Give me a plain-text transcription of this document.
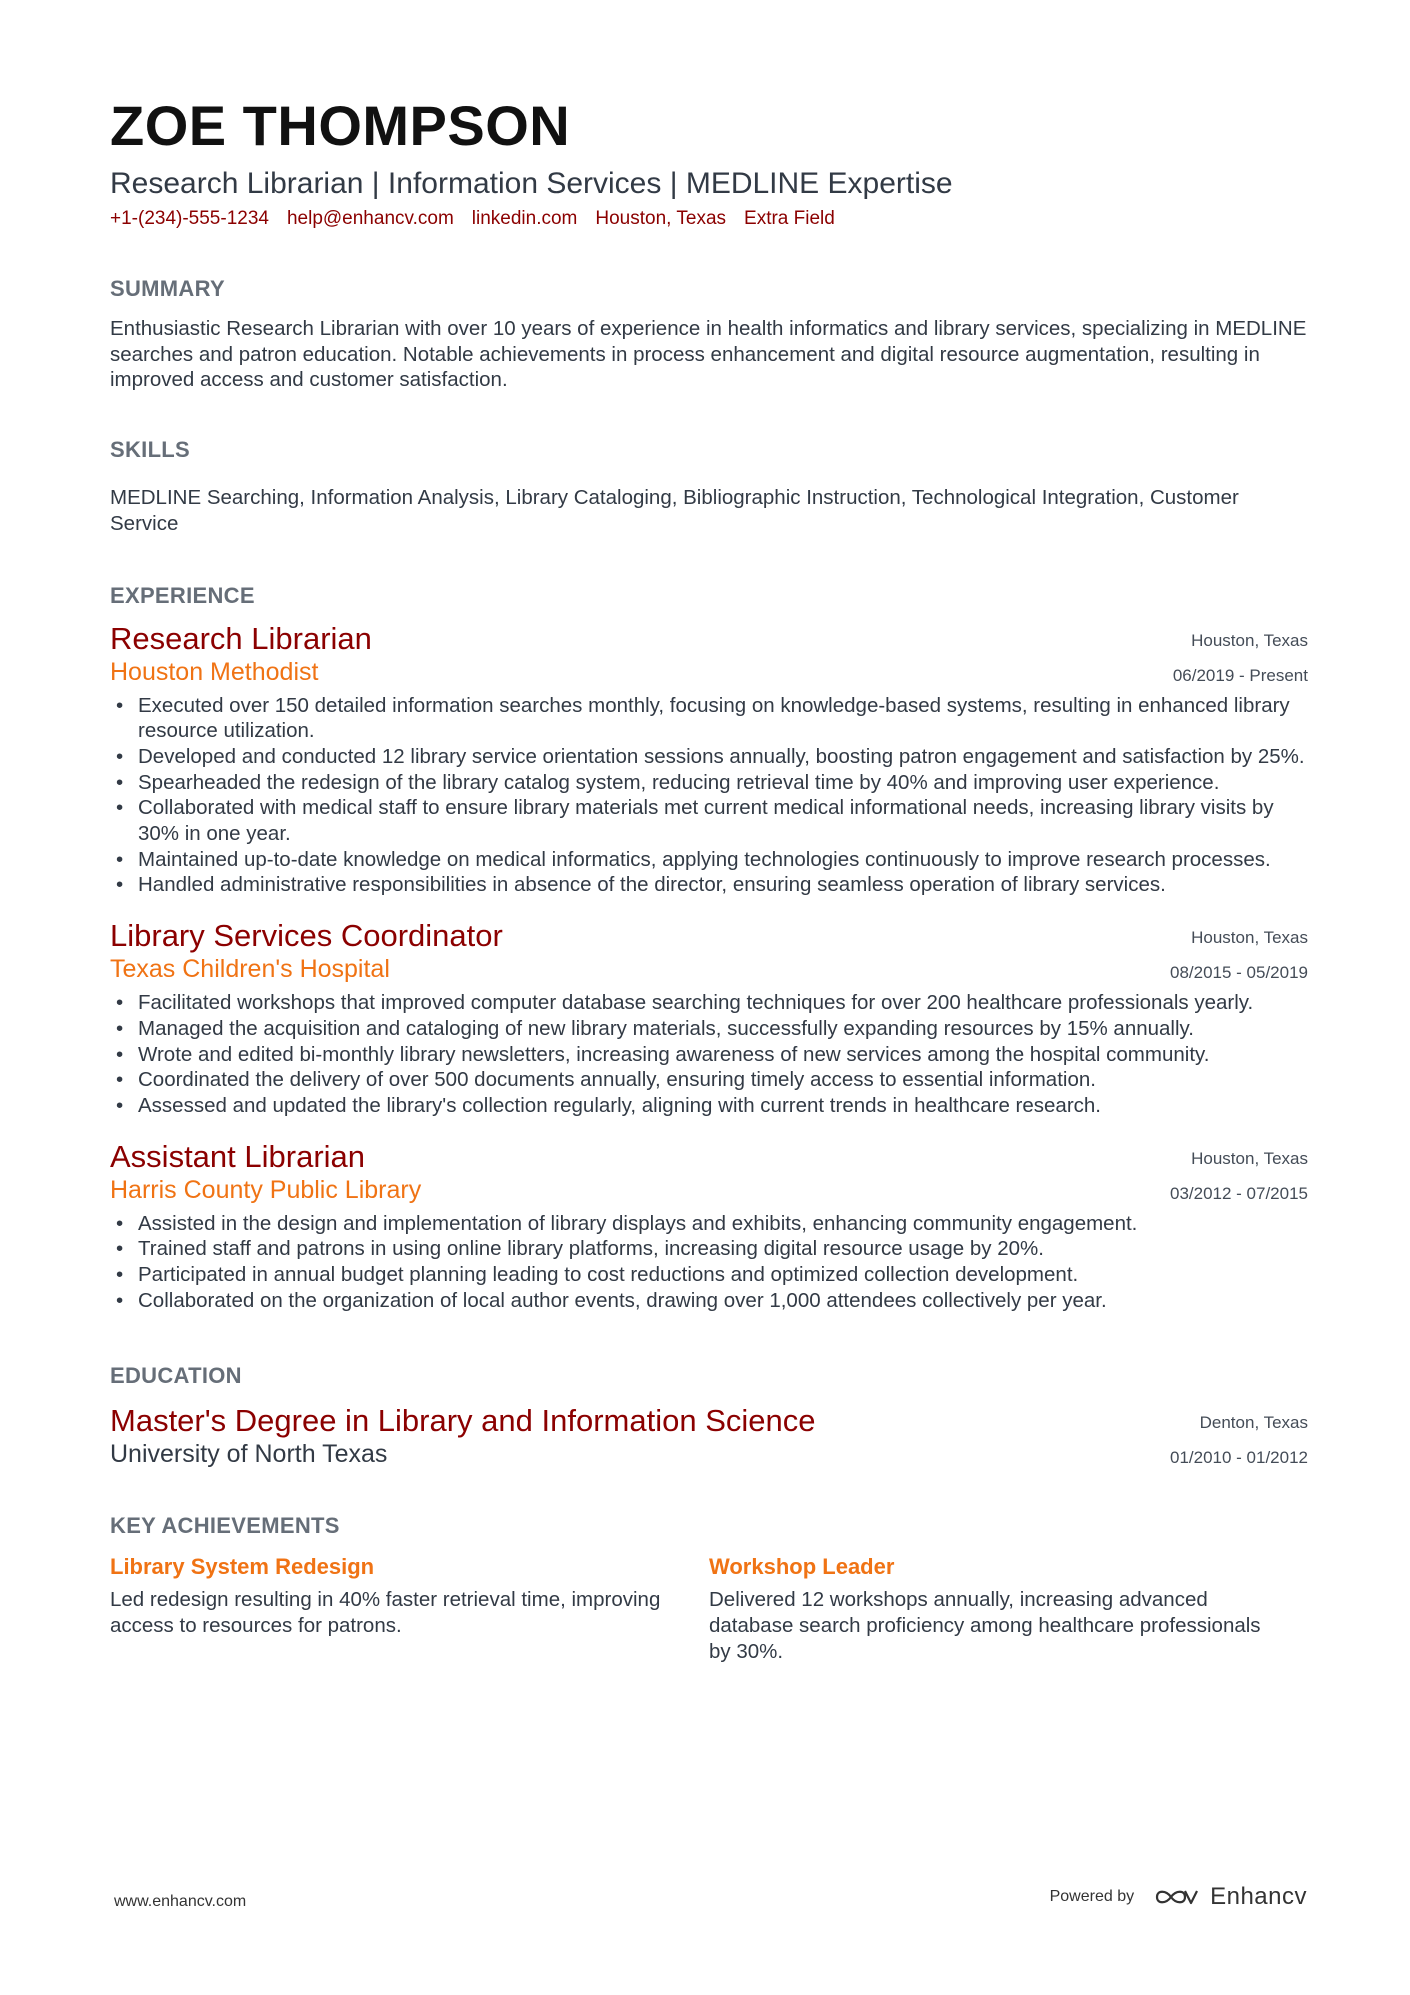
ZOE THOMPSON
Research Librarian | Information Services | MEDLINE Expertise
+1-(234)-555-1234 help@enhancv.com linkedin.com Houston, Texas Extra Field
SUMMARY
Enthusiastic Research Librarian with over 10 years of experience in health informatics and library services, specializing in MEDLINE searches and patron education. Notable achievements in process enhancement and digital resource augmentation, resulting in improved access and customer satisfaction.
SKILLS
MEDLINE Searching, Information Analysis, Library Cataloging, Bibliographic Instruction, Technological Integration, Customer Service
EXPERIENCE
Research Librarian
Houston Methodist
Houston, Texas
06/2019 - Present
• Executed over 150 detailed information searches monthly, focusing on knowledge-based systems, resulting in enhanced library resource utilization.
• Developed and conducted 12 library service orientation sessions annually, boosting patron engagement and satisfaction by 25%.
• Spearheaded the redesign of the library catalog system, reducing retrieval time by 40% and improving user experience.
• Collaborated with medical staff to ensure library materials met current medical informational needs, increasing library visits by 30% in one year.
• Maintained up-to-date knowledge on medical informatics, applying technologies continuously to improve research processes.
• Handled administrative responsibilities in absence of the director, ensuring seamless operation of library services.
Library Services Coordinator
Texas Children's Hospital
Houston, Texas
08/2015 - 05/2019
• Facilitated workshops that improved computer database searching techniques for over 200 healthcare professionals yearly.
• Managed the acquisition and cataloging of new library materials, successfully expanding resources by 15% annually.
• Wrote and edited bi-monthly library newsletters, increasing awareness of new services among the hospital community.
• Coordinated the delivery of over 500 documents annually, ensuring timely access to essential information.
• Assessed and updated the library's collection regularly, aligning with current trends in healthcare research.
Assistant Librarian
Harris County Public Library
Houston, Texas
03/2012 - 07/2015
• Assisted in the design and implementation of library displays and exhibits, enhancing community engagement.
• Trained staff and patrons in using online library platforms, increasing digital resource usage by 20%.
• Participated in annual budget planning leading to cost reductions and optimized collection development.
• Collaborated on the organization of local author events, drawing over 1,000 attendees collectively per year.
EDUCATION
Master's Degree in Library and Information Science
University of North Texas
Denton, Texas
01/2010 - 01/2012
KEY ACHIEVEMENTS
Library System Redesign
Led redesign resulting in 40% faster retrieval time, improving access to resources for patrons.
Workshop Leader
Delivered 12 workshops annually, increasing advanced database search proficiency among healthcare professionals by 30%.
www.enhancv.com	Powered by	Enhancv
